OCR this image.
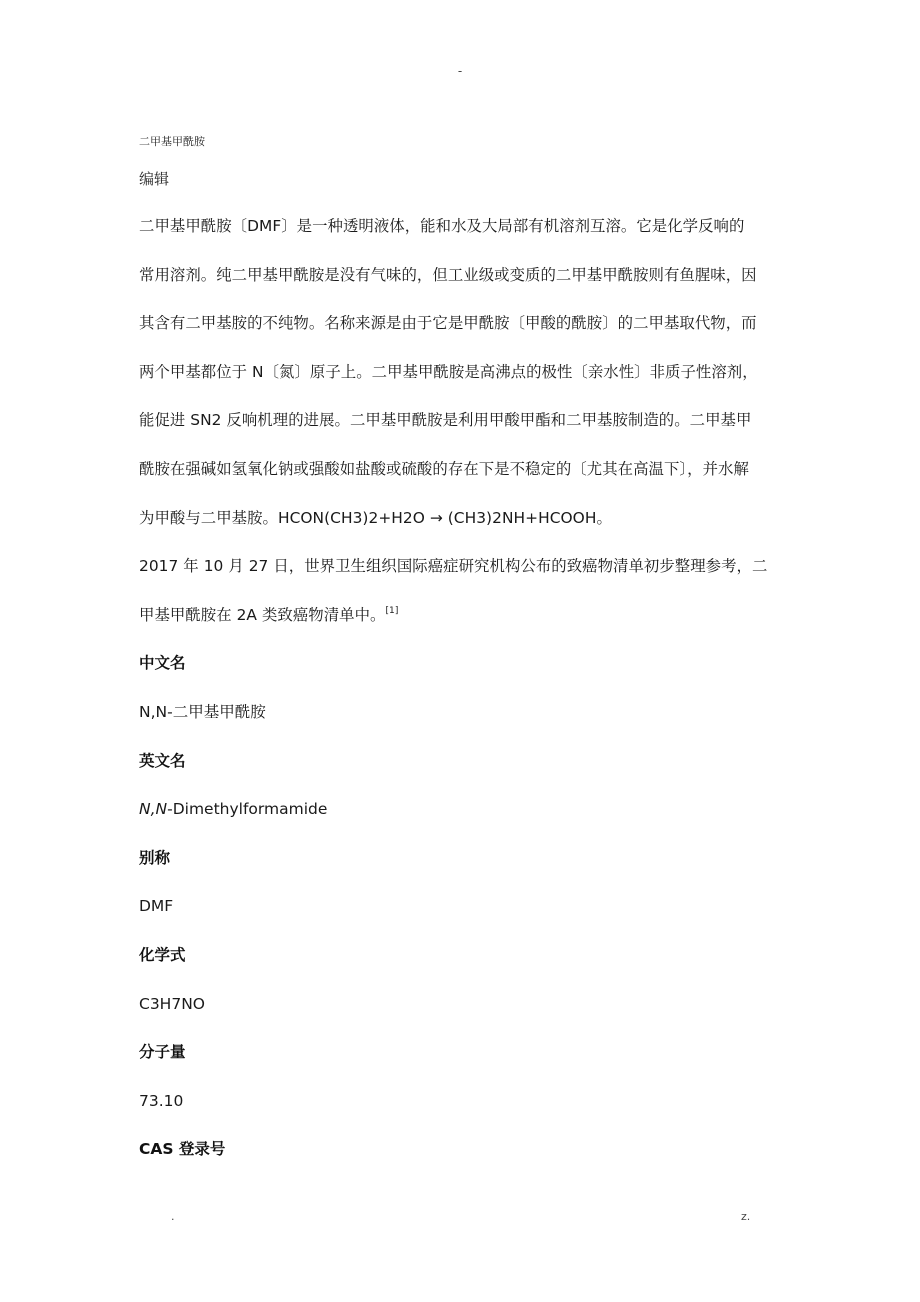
-
二甲基甲酰胺
编辑
二甲基甲酰胺〔DMF〕是一种透明液体，能和水及大局部有机溶剂互溶。它是化学反响的
常用溶剂。纯二甲基甲酰胺是没有气味的，但工业级或变质的二甲基甲酰胺则有鱼腥味，因
其含有二甲基胺的不纯物。名称来源是由于它是甲酰胺〔甲酸的酰胺〕的二甲基取代物，而
两个甲基都位于 N〔氮〕原子上。二甲基甲酰胺是高沸点的极性〔亲水性〕非质子性溶剂，
能促进 SN2 反响机理的进展。二甲基甲酰胺是利用甲酸甲酯和二甲基胺制造的。二甲基甲
酰胺在强碱如氢氧化钠或强酸如盐酸或硫酸的存在下是不稳定的〔尤其在高温下〕，并水解
为甲酸与二甲基胺。HCON(CH3)2+H2O → (CH3)2NH+HCOOH。
2017 年 10 月 27 日，世界卫生组织国际癌症研究机构公布的致癌物清单初步整理参考，二
甲基甲酰胺在 2A 类致癌物清单中。[1]
中文名
N,N-二甲基甲酰胺
英文名
N,N-Dimethylformamide
别称
DMF
化学式
C3H7NO
分子量
73.10
CAS 登录号
.	z.
